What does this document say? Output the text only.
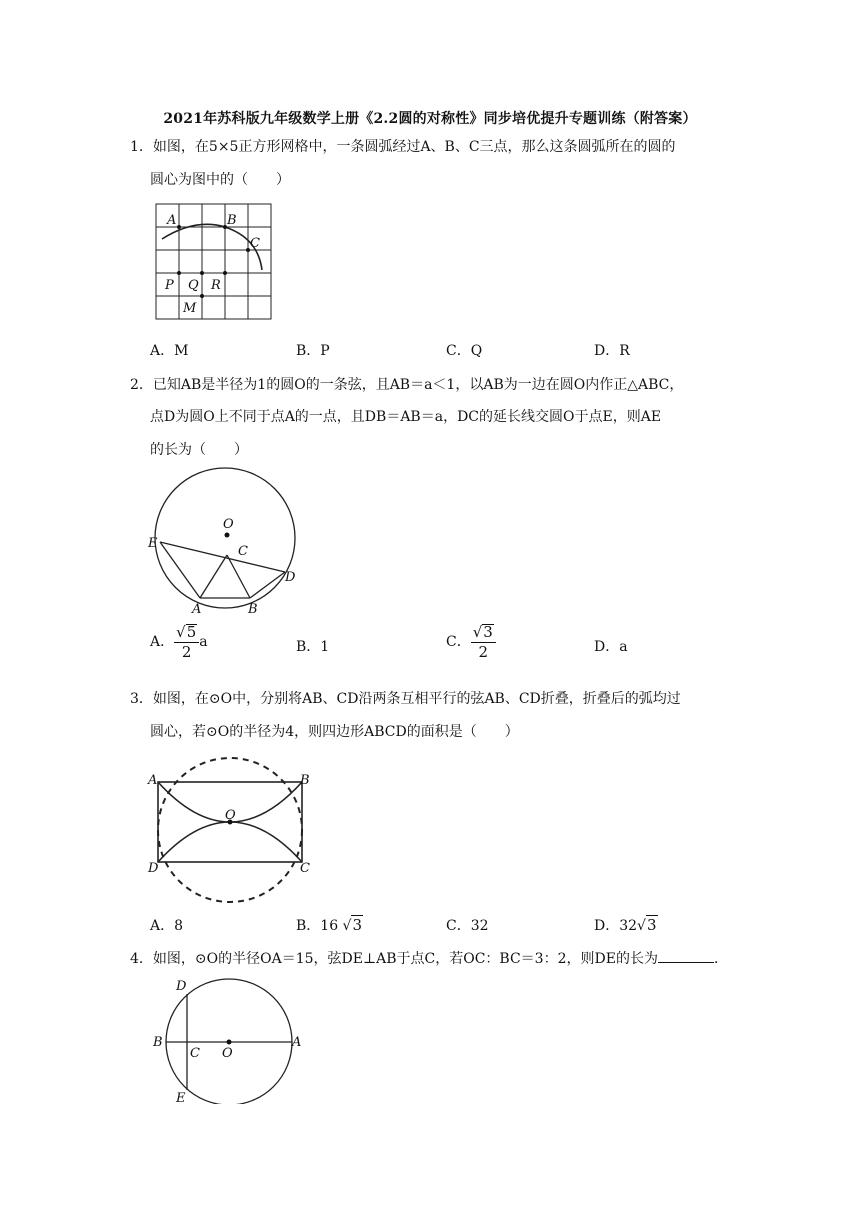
2021年苏科版九年级数学上册《2.2圆的对称性》同步培优提升专题训练（附答案）
1．如图，在5×5正方形网格中，一条圆弧经过A、B、C三点，那么这条圆弧所在的圆的
圆心为图中的（　　）
A	B
C
P Q R
M
A．M	B．P	C．Q	D．R
2．已知AB是半径为1的圆O的一条弦，且AB＝a＜1，以AB为一边在圆O内作正△ABC，
点D为圆O上不同于点A的一点，且DB＝AB＝a，DC的延长线交圆O于点E，则AE
的长为（　　）
O
E
C
D
A	B
A． $\frac{√5}{2}$ a	B．1	C． $\frac{√3}{2}$	D．a
3．如图，在⊙O中，分别将AB、CD沿两条互相平行的弦AB、CD折叠，折叠后的弧均过
圆心，若⊙O的半径为4，则四边形ABCD的面积是（　　）
O
A	B
D	C
A．8	B．16 √3	C．32	D．32√3
4．如图，⊙O的半径OA＝15，弦DE⊥AB于点C，若OC：BC＝3：2，则DE的长为	．
D
B
C O
A
E
